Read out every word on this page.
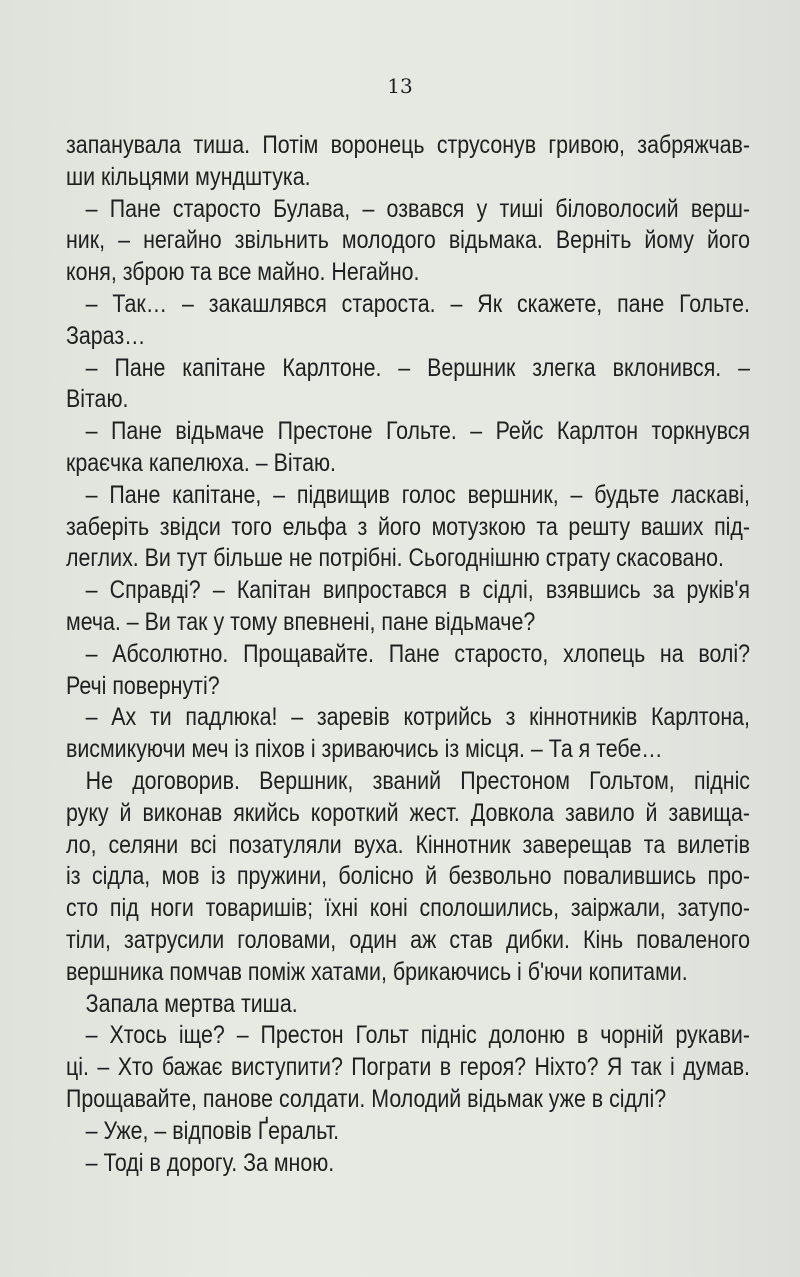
13
запанувала тиша. Потім воронець струсонув гривою, забряжчав-
ши кільцями мундштука.
– Пане старосто Булава, – озвався у тиші біловолосий верш-
ник, – негайно звільнить молодого відьмака. Верніть йому його
коня, зброю та все майно. Негайно.
– Так… – закашлявся староста. – Як скажете, пане Гольте.
Зараз…
– Пане капітане Карлтоне. – Вершник злегка вклонився. –
Вітаю.
– Пане відьмаче Престоне Гольте. – Рейс Карлтон торкнувся
краєчка капелюха. – Вітаю.
– Пане капітане, – підвищив голос вершник, – будьте ласкаві,
заберіть звідси того ельфа з його мотузкою та решту ваших під-
леглих. Ви тут більше не потрібні. Сьогоднішню страту скасовано.
– Справді? – Капітан випростався в сідлі, взявшись за руків'я
меча. – Ви так у тому впевнені, пане відьмаче?
– Абсолютно. Прощавайте. Пане старосто, хлопець на волі?
Речі повернуті?
– Ах ти падлюка! – заревів котрийсь з кіннотників Карлтона,
висмикуючи меч із піхов і зриваючись із місця. – Та я тебе…
Не договорив. Вершник, званий Престоном Гольтом, підніс
руку й виконав якийсь короткий жест. Довкола завило й завища-
ло, селяни всі позатуляли вуха. Кіннотник заверещав та вилетів
із сідла, мов із пружини, болісно й безвольно повалившись про-
сто під ноги товаришів; їхні коні сполошились, заіржали, затупо-
тіли, затрусили головами, один аж став дибки. Кінь поваленого
вершника помчав поміж хатами, брикаючись і б'ючи копитами.
Запала мертва тиша.
– Хтось іще? – Престон Гольт підніс долоню в чорній рукави-
ці. – Хто бажає виступити? Пограти в героя? Ніхто? Я так і думав.
Прощавайте, панове солдати. Молодий відьмак уже в сідлі?
– Уже, – відповів Ґеральт.
– Тоді в дорогу. За мною.
